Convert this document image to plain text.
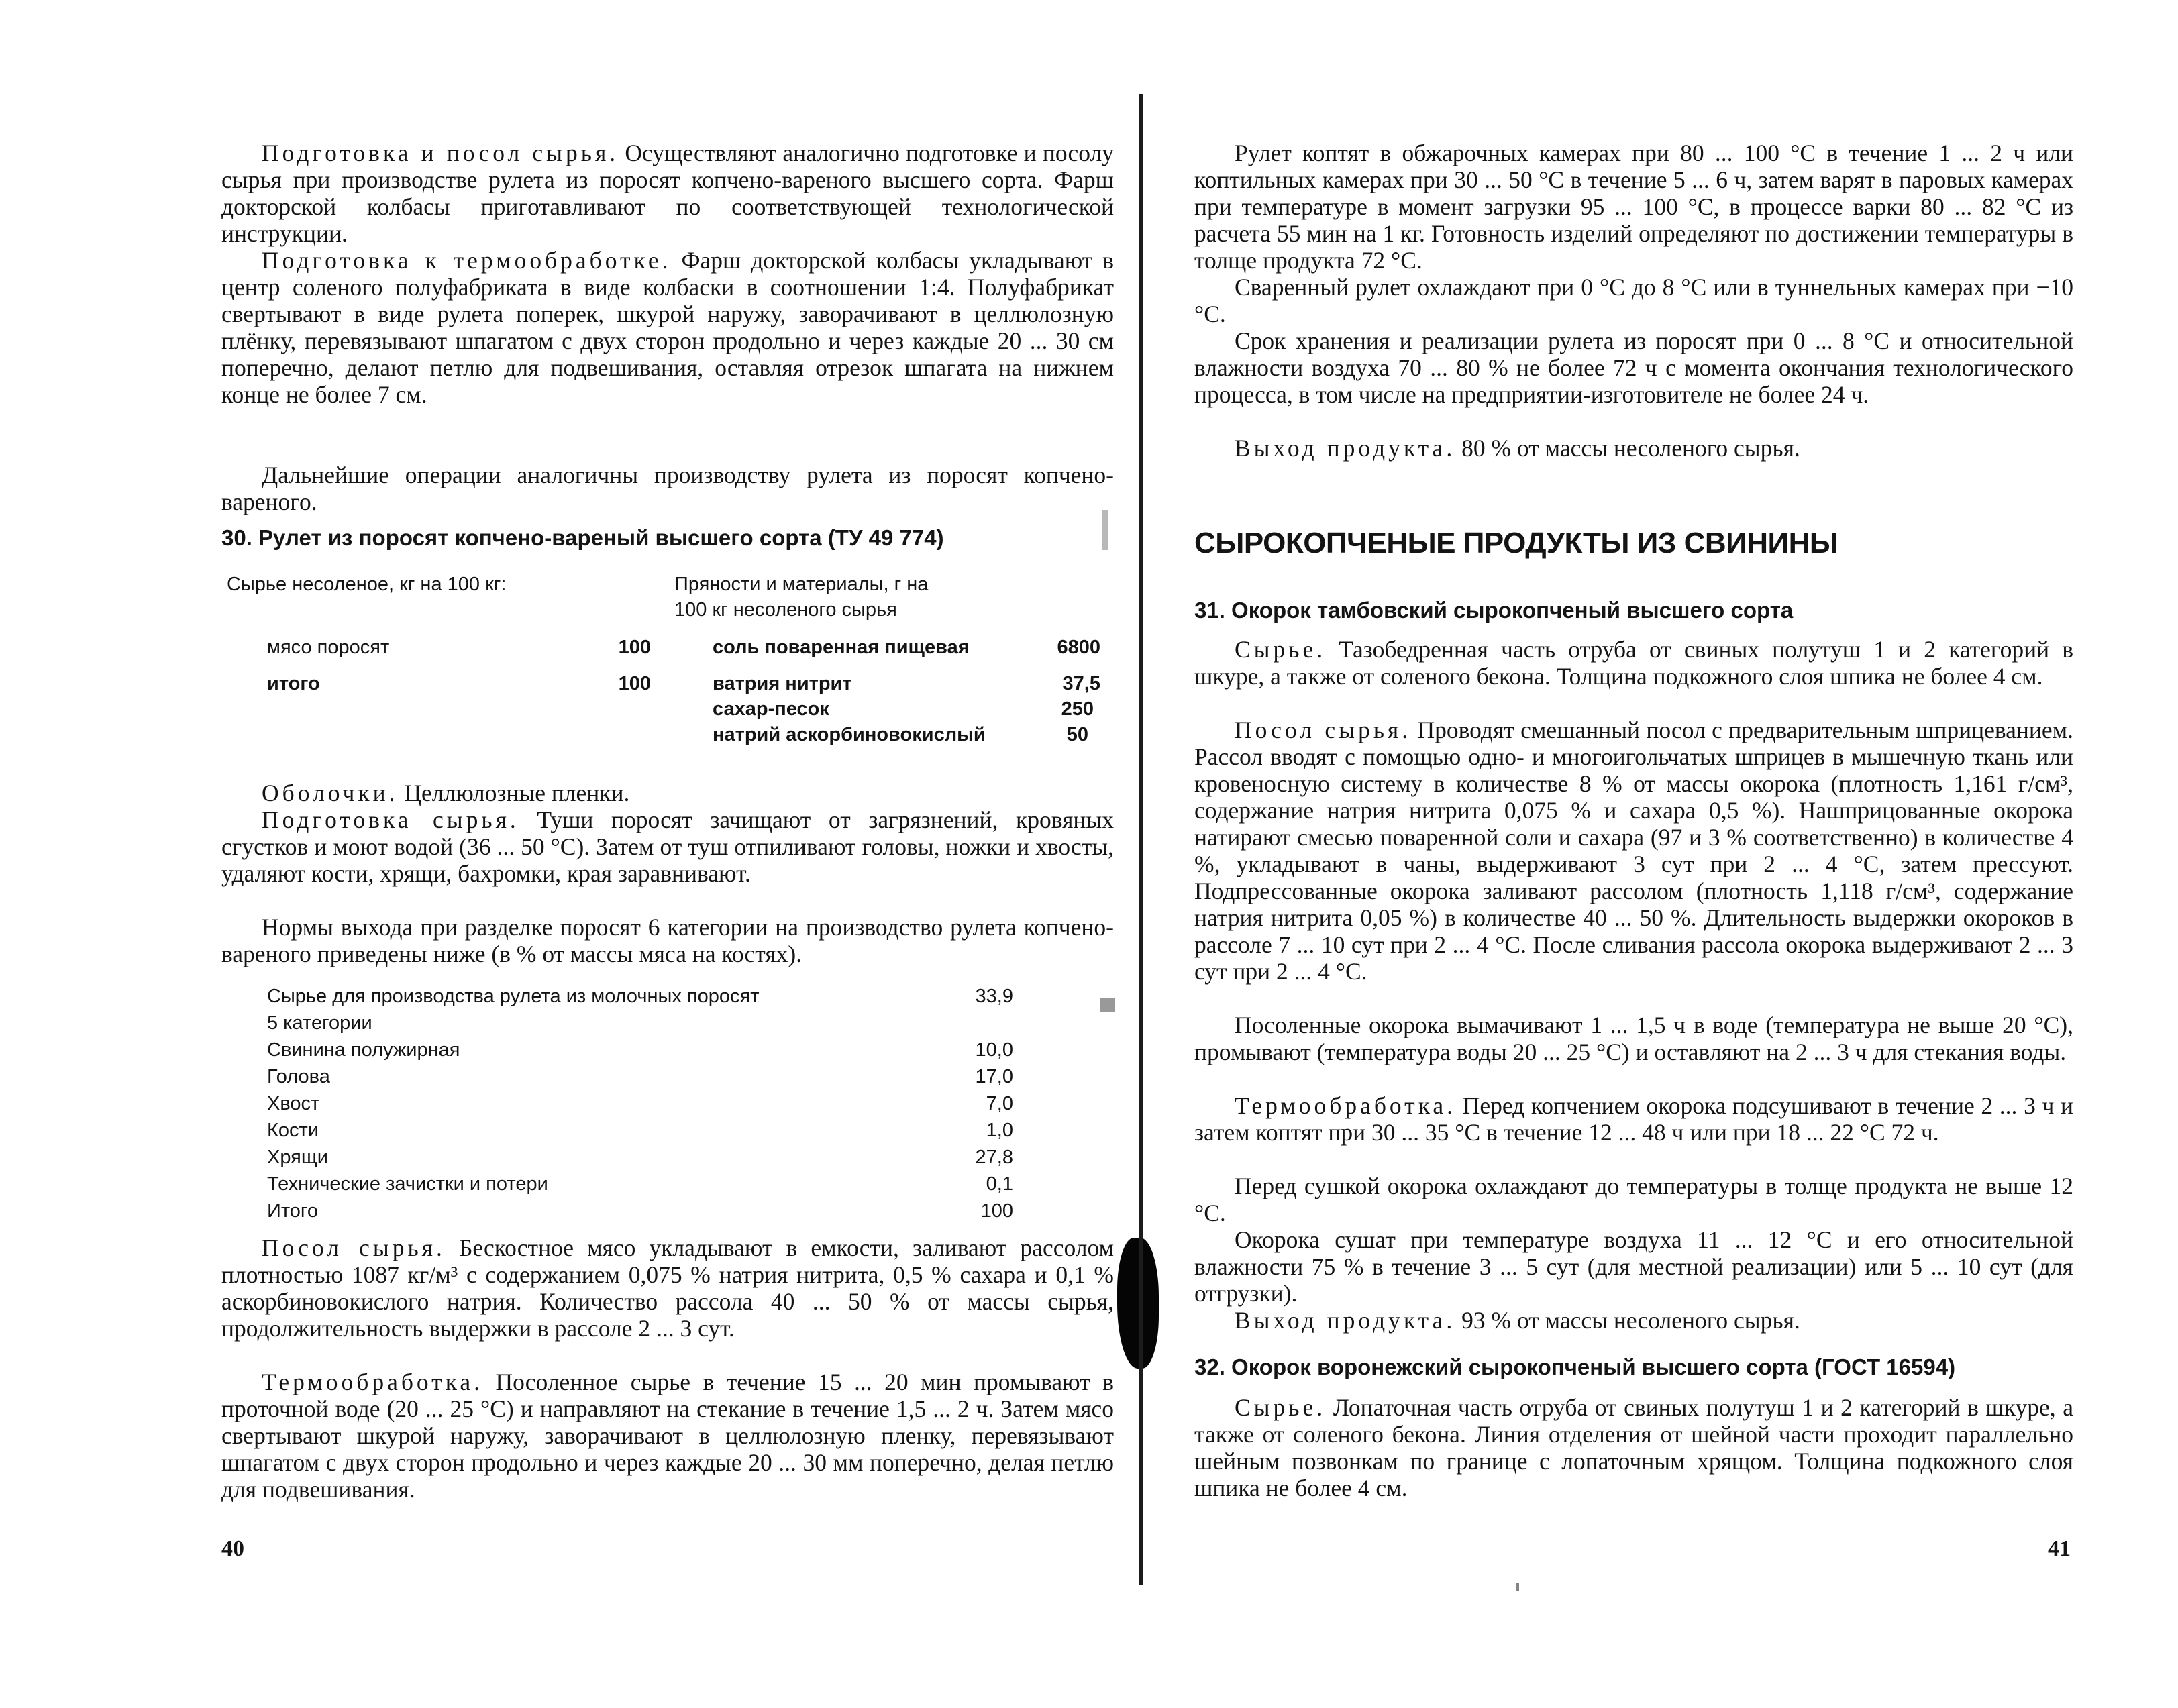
Подготовка и посол сырья. Осуществляют аналогично подготовке и посолу сырья при производстве рулета из поросят копчено-вареного высшего сорта. Фарш докторской колбасы приготавливают по соответствующей технологической инструкции.

Подготовка к термообработке. Фарш докторской колбасы укладывают в центр соленого полуфабриката в виде колбаски в соотношении 1:4. Полуфабрикат свертывают в виде рулета поперек, шкурой наружу, заворачивают в целлюлозную плёнку, перевязывают шпагатом с двух сторон продольно и через каждые 20 ... 30 см поперечно, делают петлю для подвешивания, оставляя отрезок шпагата на нижнем конце не более 7 см.

Дальнейшие операции аналогичны производству рулета из поросят копчено-вареного.

30. Рулет из поросят копчено-вареный высшего сорта (ТУ 49 774)
Сырье несоленое, кг на 100 кг:	Пряности и материалы, г на
100 кг несоленого сырья
мясо поросят	100
итого	100
соль поваренная пищевая	6800
ватрия нитрит	37,5
сахар-песок	250
натрий аскорбиновокислый	50

Оболочки. Целлюлозные пленки.

Подготовка сырья. Туши поросят зачищают от загрязнений, кровяных сгустков и моют водой (36 ... 50 °С). Затем от туш отпиливают головы, ножки и хвосты, удаляют кости, хрящи, бахромки, края заравнивают.

Нормы выхода при разделке поросят 6 категории на производство рулета копчено-вареного приведены ниже (в % от массы мяса на костях).

Сырье для производства рулета из молочных поросят	33,9
5 категории
Свинина полужирная	10,0
Голова	17,0
Хвост	7,0
Кости	1,0
Хрящи	27,8
Технические зачистки и потери	0,1
Итого	100

Посол сырья. Бескостное мясо укладывают в емкости, заливают рассолом плотностью 1087 кг/м³ с содержанием 0,075 % натрия нитрита, 0,5 % сахара и 0,1 % аскорбиновокислого натрия. Количество рассола 40 ... 50 % от массы сырья, продолжительность выдержки в рассоле 2 ... 3 сут.

Термообработка. Посоленное сырье в течение 15 ... 20 мин промывают в проточной воде (20 ... 25 °С) и направляют на стекание в течение 1,5 ... 2 ч. Затем мясо свертывают шкурой наружу, заворачивают в целлюлозную пленку, перевязывают шпагатом с двух сторон продольно и через каждые 20 ... 30 мм поперечно, делая петлю для подвешивания.

40

Рулет коптят в обжарочных камерах при 80 ... 100 °С в течение 1 ... 2 ч или коптильных камерах при 30 ... 50 °С в течение 5 ... 6 ч, затем варят в паровых камерах при температуре в момент загрузки 95 ... 100 °С, в процессе варки 80 ... 82 °С из расчета 55 мин на 1 кг. Готовность изделий определяют по достижении температуры в толще продукта 72 °С.

Сваренный рулет охлаждают при 0 °С до 8 °С или в туннельных камерах при −10 °С.

Срок хранения и реализации рулета из поросят при 0 ... 8 °С и относительной влажности воздуха 70 ... 80 % не более 72 ч с момента окончания технологического процесса, в том числе на предприятии-изготовителе не более 24 ч.

Выход продукта. 80 % от массы несоленого сырья.

СЫРОКОПЧЕНЫЕ ПРОДУКТЫ ИЗ СВИНИНЫ
31. Окорок тамбовский сырокопченый высшего сорта

Сырье. Тазобедренная часть отруба от свиных полутуш 1 и 2 категорий в шкуре, а также от соленого бекона. Толщина подкожного слоя шпика не более 4 см.

Посол сырья. Проводят смешанный посол с предварительным шприцеванием. Рассол вводят с помощью одно- и многоигольчатых шприцев в мышечную ткань или кровеносную систему в количестве 8 % от массы окорока (плотность 1,161 г/см³, содержание натрия нитрита 0,075 % и сахара 0,5 %). Нашприцованные окорока натирают смесью поваренной соли и сахара (97 и 3 % соответственно) в количестве 4 %, укладывают в чаны, выдерживают 3 сут при 2 ... 4 °С, затем прессуют. Подпрессованные окорока заливают рассолом (плотность 1,118 г/см³, содержание натрия нитрита 0,05 %) в количестве 40 ... 50 %. Длительность выдержки окороков в рассоле 7 ... 10 сут при 2 ... 4 °С. После сливания рассола окорока выдерживают 2 ... 3 сут при 2 ... 4 °С.

Посоленные окорока вымачивают 1 ... 1,5 ч в воде (температура не выше 20 °С), промывают (температура воды 20 ... 25 °С) и оставляют на 2 ... 3 ч для стекания воды.

Термообработка. Перед копчением окорока подсушивают в течение 2 ... 3 ч и затем коптят при 30 ... 35 °С в течение 12 ... 48 ч или при 18 ... 22 °С 72 ч.

Перед сушкой окорока охлаждают до температуры в толще продукта не выше 12 °С.

Окорока сушат при температуре воздуха 11 ... 12 °С и его относительной влажности 75 % в течение 3 ... 5 сут (для местной реализации) или 5 ... 10 сут (для отгрузки).

Выход продукта. 93 % от массы несоленого сырья.

32. Окорок воронежский сырокопченый высшего сорта (ГОСТ 16594)

Сырье. Лопаточная часть отруба от свиных полутуш 1 и 2 категорий в шкуре, а также от соленого бекона. Линия отделения от шейной части проходит параллельно шейным позвонкам по границе с лопаточным хрящом. Толщина подкожного слоя шпика не более 4 см.

41
